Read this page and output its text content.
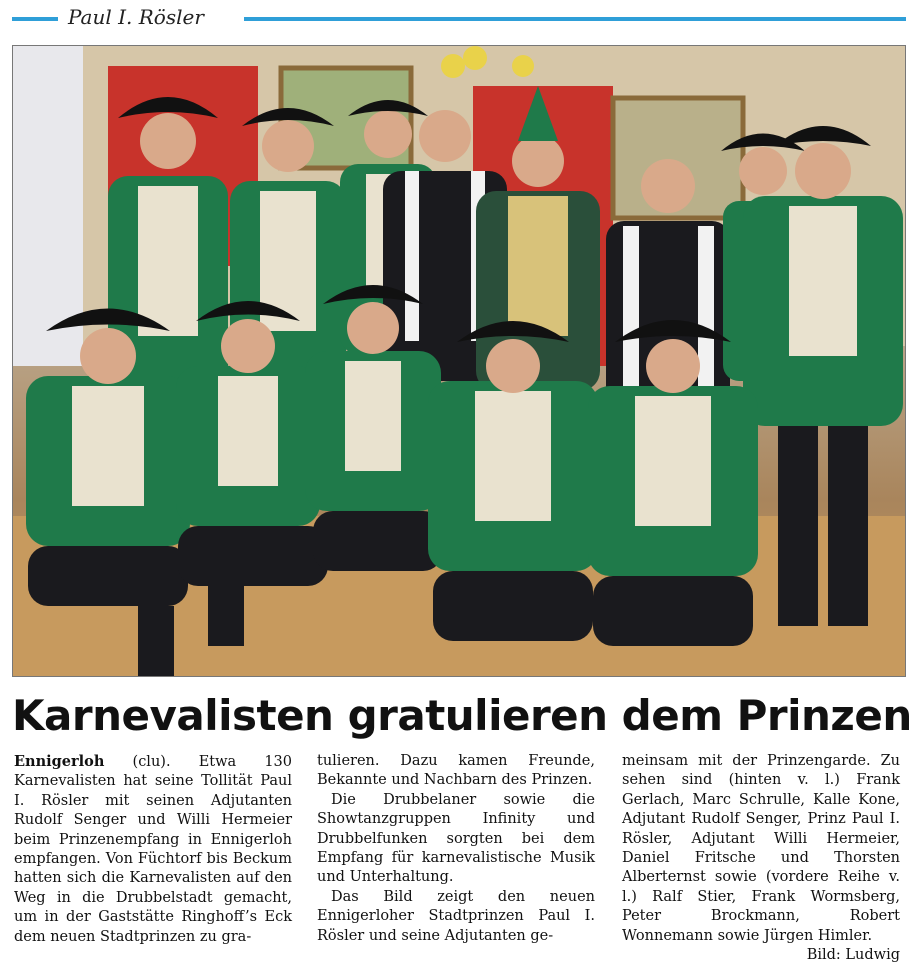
Paul I. Rösler
Karnevalisten gratulieren dem Prinzen

Ennigerloh (clu). Etwa 130 Karnevalisten hat seine Tollität Paul I. Rösler mit seinen Adjutanten Rudolf Senger und Willi Hermeier beim Prinzenempfang in Ennigerloh empfangen. Von Füchtorf bis Beckum hatten sich die Karnevalisten auf den Weg in die Drubbelstadt gemacht, um in der Gaststätte Ringhoff’s Eck dem neuen Stadtprinzen zu gra-

tulieren. Dazu kamen Freunde, Bekannte und Nachbarn des Prinzen.

Die Drubbelaner sowie die Showtanzgruppen Infinity und Drubbelfunken sorgten bei dem Empfang für karnevalistische Musik und Unterhaltung.

Das Bild zeigt den neuen Ennigerloher Stadtprinzen Paul I. Rösler und seine Adjutanten ge-

meinsam mit der Prinzengarde. Zu sehen sind (hinten v. l.) Frank Gerlach, Marc Schrulle, Kalle Kone, Adjutant Rudolf Senger, Prinz Paul I. Rösler, Adjutant Willi Hermeier, Daniel Fritsche und Thorsten Alberternst sowie (vordere Reihe v. l.) Ralf Stier, Frank Wormsberg, Peter Brockmann, Robert Wonnemann sowie Jürgen Himler.
Bild: Ludwig
